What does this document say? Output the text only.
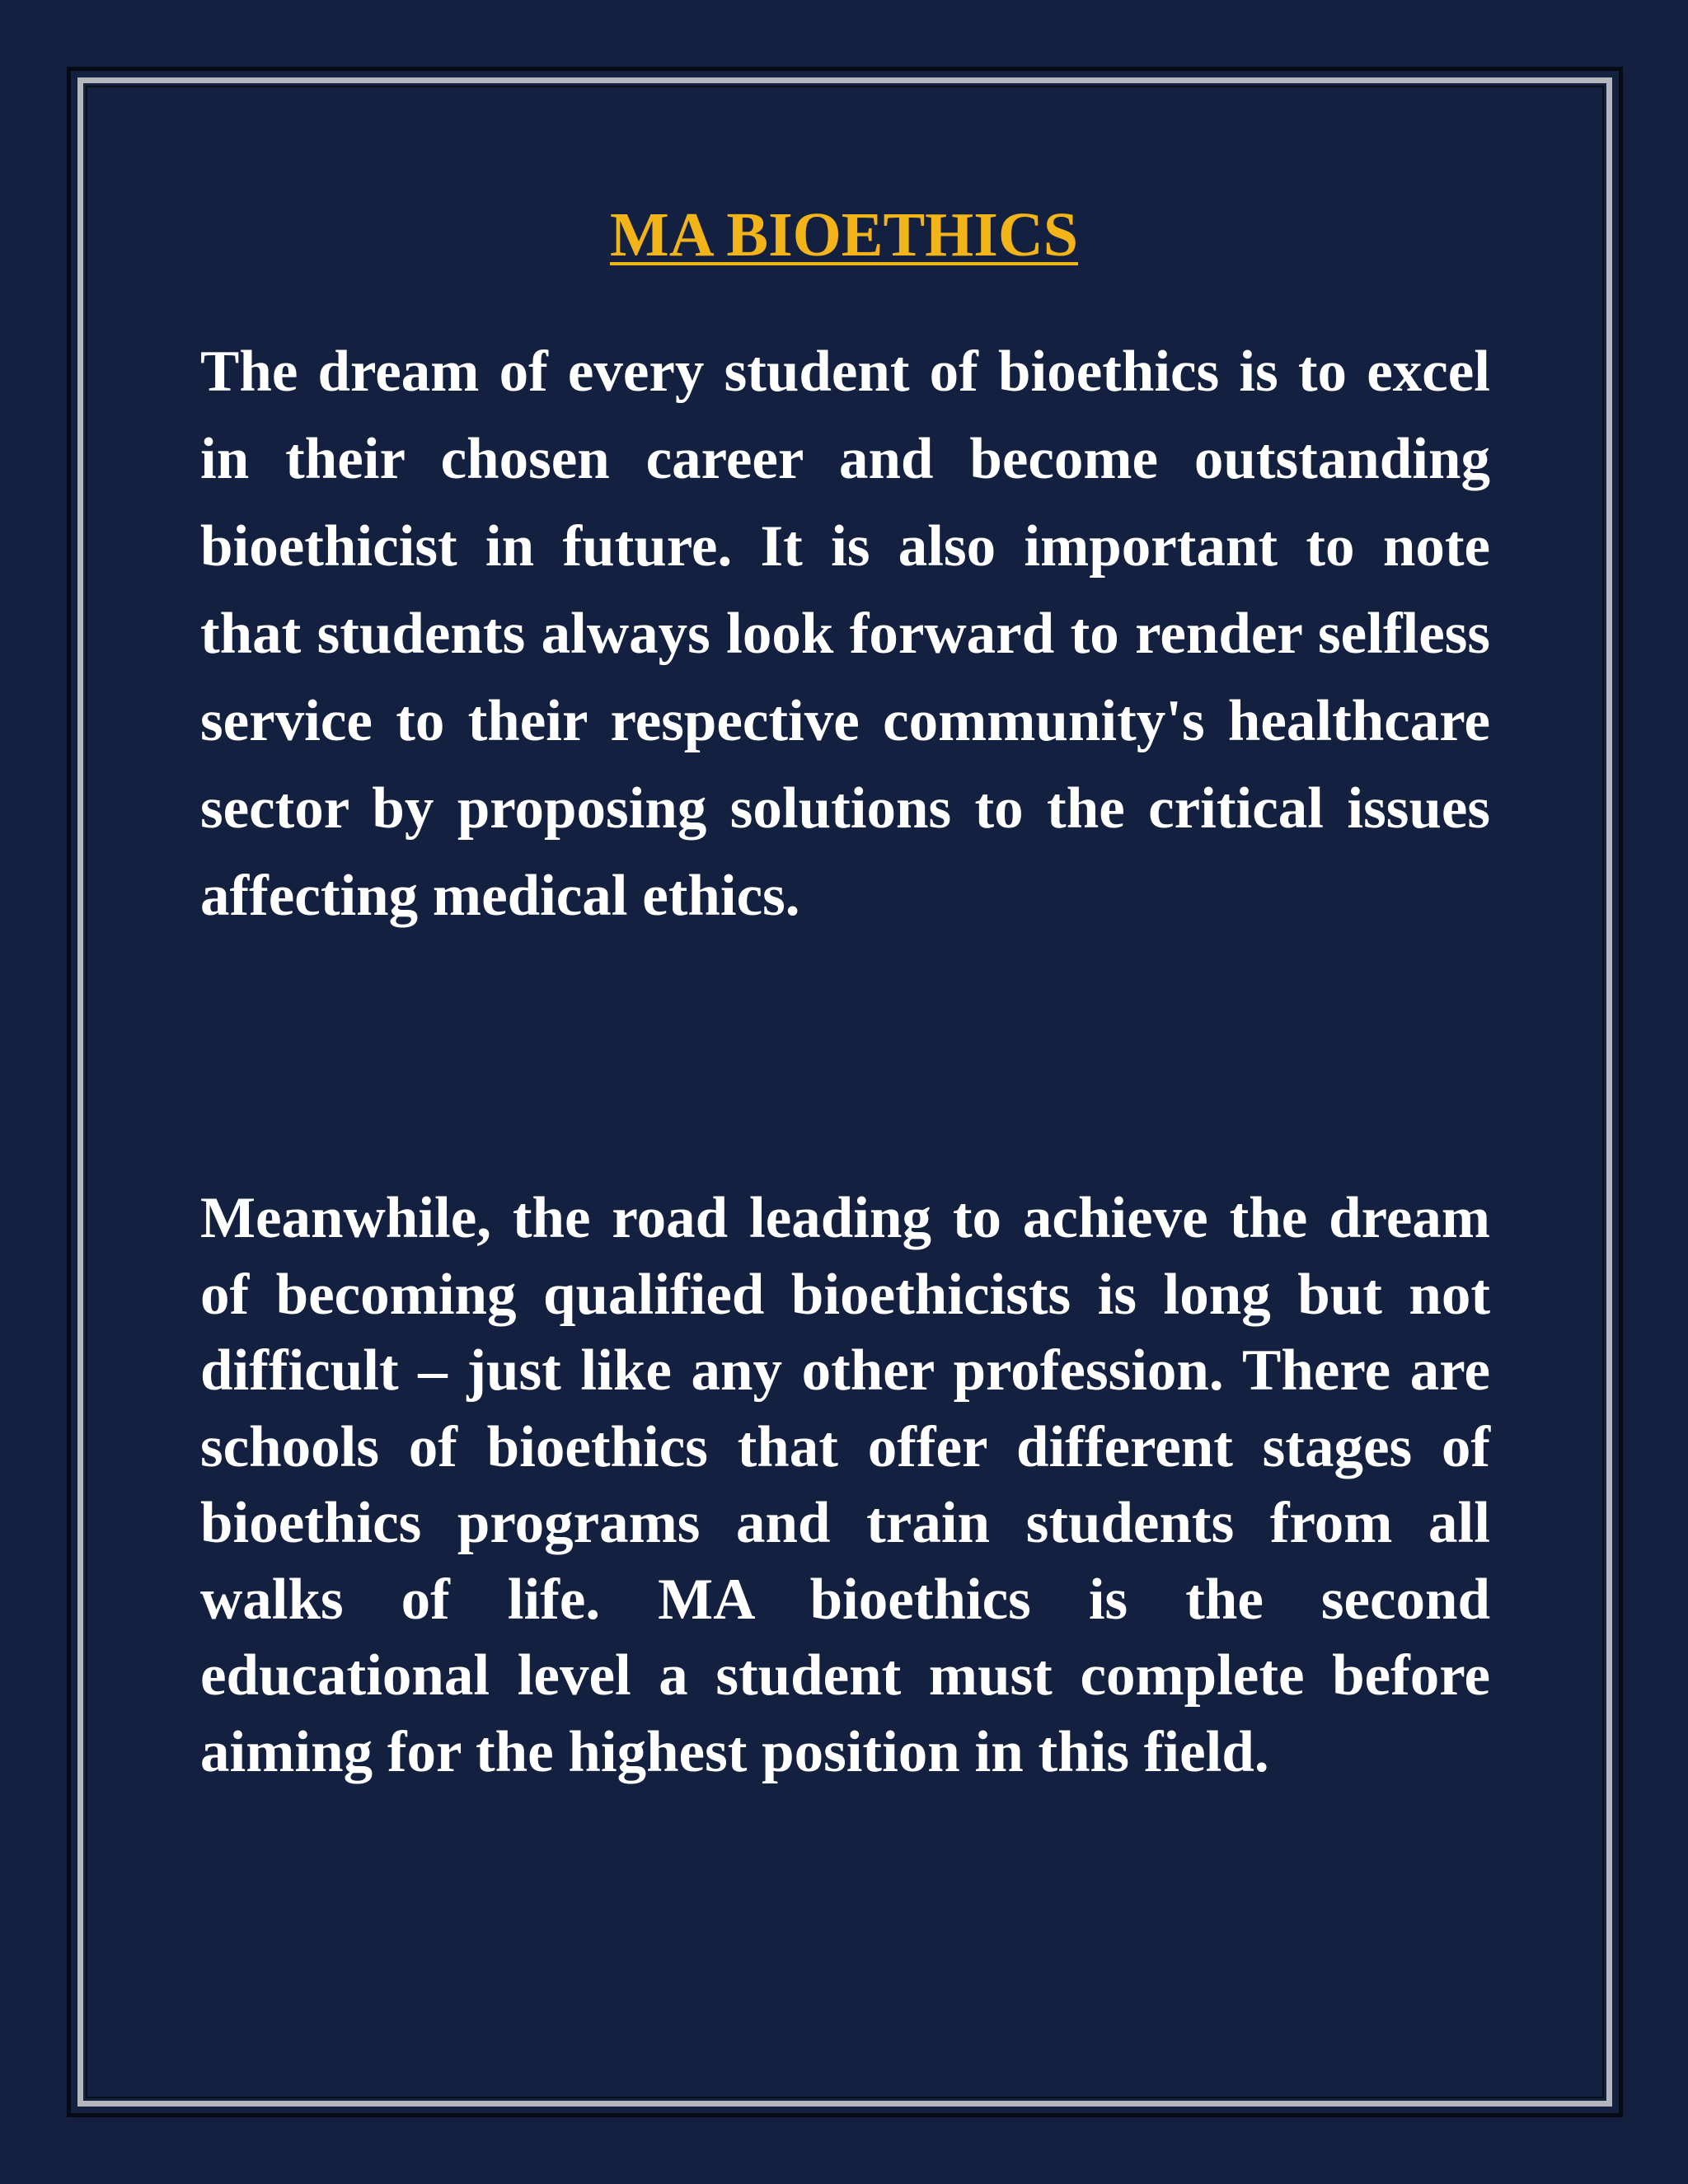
MA BIOETHICS

The dream of every student of bioethics is to excel in their chosen career and become outstanding bioethicist in future. It is also important to note that students always look forward to render selfless service to their respective community's healthcare sector by proposing solutions to the critical issues affecting medical ethics.

Meanwhile, the road leading to achieve the dream of becoming qualified bioethicists is long but not difficult – just like any other profession. There are schools of bioethics that offer different stages of bioethics programs and train students from all walks of life. MA bioethics is the second educational level a student must complete before aiming for the highest position in this field.
